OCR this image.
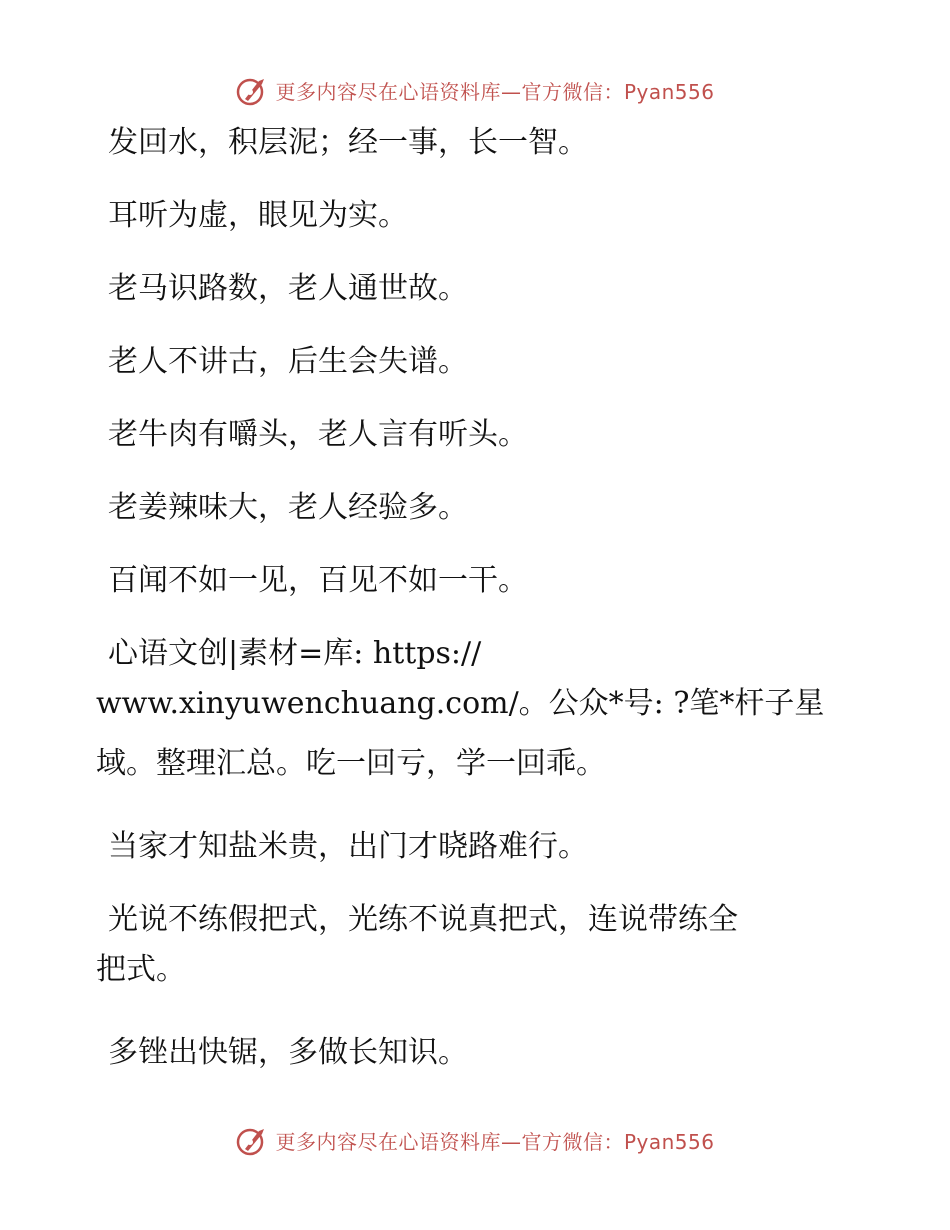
更多内容尽在心语资料库—官方微信：Pyan556
发回水，积层泥；经一事，长一智。
耳听为虚，眼见为实。
老马识路数，老人通世故。
老人不讲古，后生会失谱。
老牛肉有嚼头，老人言有听头。
老姜辣味大，老人经验多。
百闻不如一见，百见不如一干。
心语文创|素材=库: https://
www.xinyuwenchuang.com/。公众*号: ?笔*杆子星
域。整理汇总。吃一回亏，学一回乖。
当家才知盐米贵，出门才晓路难行。
光说不练假把式，光练不说真把式，连说带练全
把式。
多锉出快锯，多做长知识。
更多内容尽在心语资料库—官方微信：Pyan556
